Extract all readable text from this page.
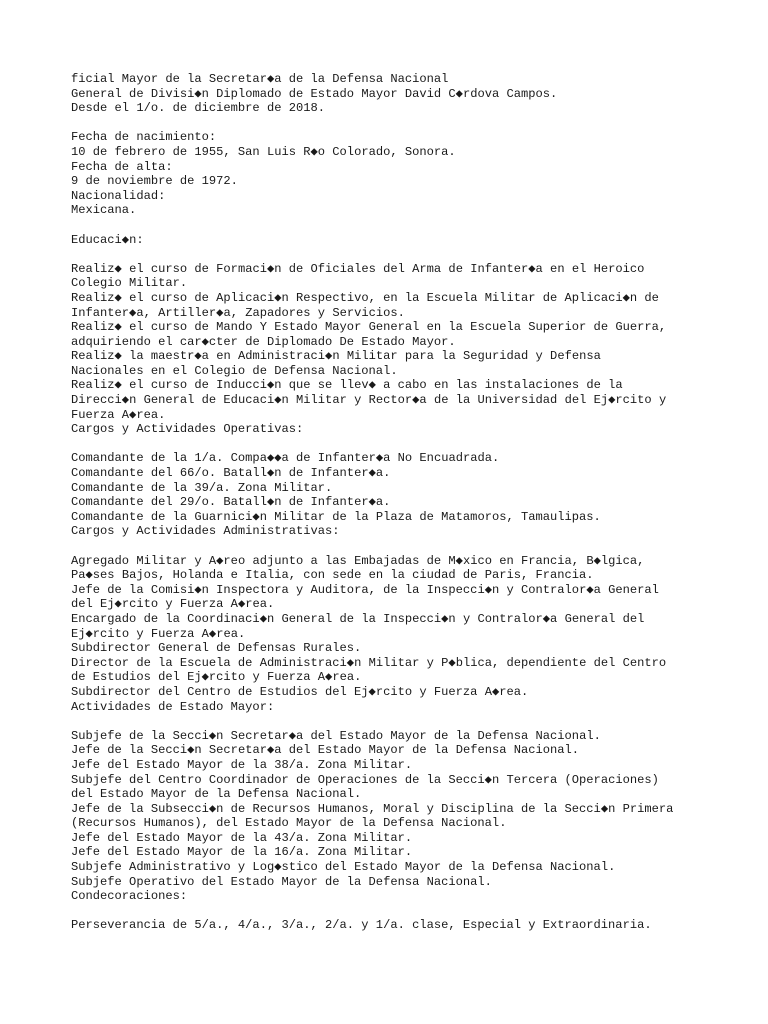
ficial Mayor de la Secretar◆a de la Defensa Nacional
General de Divisi◆n Diplomado de Estado Mayor David C◆rdova Campos.
Desde el 1/o. de diciembre de 2018.
Fecha de nacimiento:
10 de febrero de 1955, San Luis R◆o Colorado, Sonora.
Fecha de alta:
9 de noviembre de 1972.
Nacionalidad:
Mexicana.
Educaci◆n:
Realiz◆ el curso de Formaci◆n de Oficiales del Arma de Infanter◆a en el Heroico
Colegio Militar.
Realiz◆ el curso de Aplicaci◆n Respectivo, en la Escuela Militar de Aplicaci◆n de
Infanter◆a, Artiller◆a, Zapadores y Servicios.
Realiz◆ el curso de Mando Y Estado Mayor General en la Escuela Superior de Guerra,
adquiriendo el car◆cter de Diplomado De Estado Mayor.
Realiz◆ la maestr◆a en Administraci◆n Militar para la Seguridad y Defensa
Nacionales en el Colegio de Defensa Nacional.
Realiz◆ el curso de Inducci◆n que se llev◆ a cabo en las instalaciones de la
Direcci◆n General de Educaci◆n Militar y Rector◆a de la Universidad del Ej◆rcito y
Fuerza A◆rea.
Cargos y Actividades Operativas:
Comandante de la 1/a. Compa◆◆a de Infanter◆a No Encuadrada.
Comandante del 66/o. Batall◆n de Infanter◆a.
Comandante de la 39/a. Zona Militar.
Comandante del 29/o. Batall◆n de Infanter◆a.
Comandante de la Guarnici◆n Militar de la Plaza de Matamoros, Tamaulipas.
Cargos y Actividades Administrativas:
Agregado Militar y A◆reo adjunto a las Embajadas de M◆xico en Francia, B◆lgica,
Pa◆ses Bajos, Holanda e Italia, con sede en la ciudad de Paris, Francia.
Jefe de la Comisi◆n Inspectora y Auditora, de la Inspecci◆n y Contralor◆a General
del Ej◆rcito y Fuerza A◆rea.
Encargado de la Coordinaci◆n General de la Inspecci◆n y Contralor◆a General del
Ej◆rcito y Fuerza A◆rea.
Subdirector General de Defensas Rurales.
Director de la Escuela de Administraci◆n Militar y P◆blica, dependiente del Centro
de Estudios del Ej◆rcito y Fuerza A◆rea.
Subdirector del Centro de Estudios del Ej◆rcito y Fuerza A◆rea.
Actividades de Estado Mayor:
Subjefe de la Secci◆n Secretar◆a del Estado Mayor de la Defensa Nacional.
Jefe de la Secci◆n Secretar◆a del Estado Mayor de la Defensa Nacional.
Jefe del Estado Mayor de la 38/a. Zona Militar.
Subjefe del Centro Coordinador de Operaciones de la Secci◆n Tercera (Operaciones)
del Estado Mayor de la Defensa Nacional.
Jefe de la Subsecci◆n de Recursos Humanos, Moral y Disciplina de la Secci◆n Primera
(Recursos Humanos), del Estado Mayor de la Defensa Nacional.
Jefe del Estado Mayor de la 43/a. Zona Militar.
Jefe del Estado Mayor de la 16/a. Zona Militar.
Subjefe Administrativo y Log◆stico del Estado Mayor de la Defensa Nacional.
Subjefe Operativo del Estado Mayor de la Defensa Nacional.
Condecoraciones:
Perseverancia de 5/a., 4/a., 3/a., 2/a. y 1/a. clase, Especial y Extraordinaria.
